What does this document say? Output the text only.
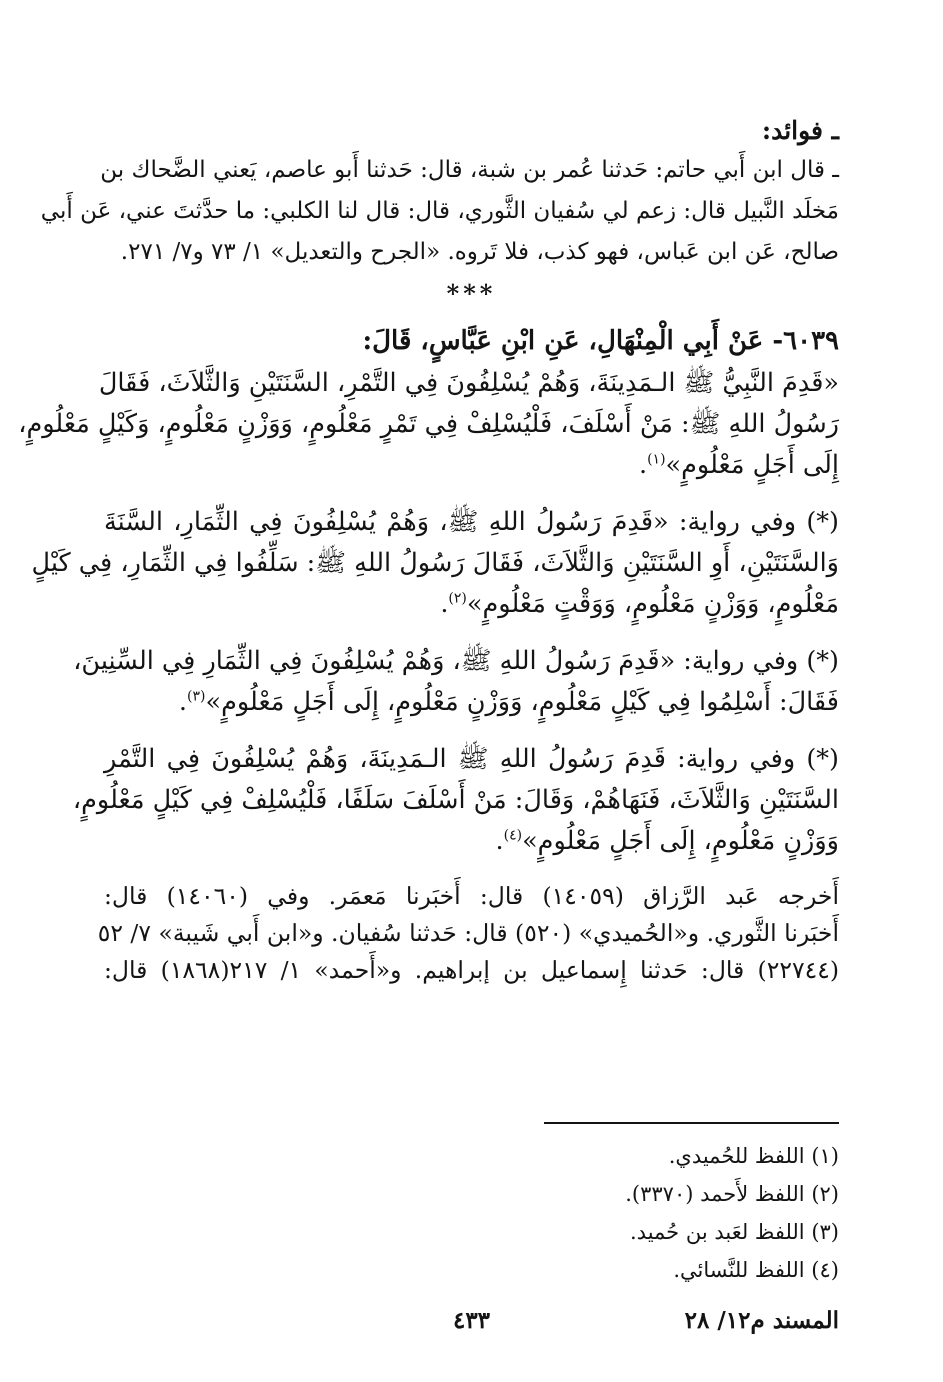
ـ فوائد:
ـ قال ابن أَبي حاتم: حَدثنا عُمر بن شبة، قال: حَدثنا أَبو عاصم، يَعني الضَّحاك بن
مَخلَد النَّبيل قال: زعم لي سُفيان الثَّوري، قال: قال لنا الكلبي: ما حدَّثتَ عني، عَن أَبي
صالح، عَن ابن عَباس، فهو كذب، فلا تَروه. «الجرح والتعديل» ١/ ٧٣ و٧/ ٢٧١.
***
٦٠٣٩- عَنْ أَبِي الْمِنْهَالِ، عَنِ ابْنِ عَبَّاسٍ، قَالَ:
«قَدِمَ النَّبِيُّ ﷺ الـمَدِينَةَ، وَهُمْ يُسْلِفُونَ فِي التَّمْرِ، السَّنَتَيْنِ وَالثَّلاَثَ، فَقَالَ
رَسُولُ اللهِ ﷺ: مَنْ أَسْلَفَ، فَلْيُسْلِفْ فِي تَمْرٍ مَعْلُومٍ، وَوَزْنٍ مَعْلُومٍ، وَكَيْلٍ مَعْلُومٍ،
إِلَى أَجَلٍ مَعْلُومٍ»$^{(١)}$.
(*) وفي رواية: «قَدِمَ رَسُولُ اللهِ ﷺ، وَهُمْ يُسْلِفُونَ فِي الثِّمَارِ، السَّنَةَ
وَالسَّنَتَيْنِ، أَوِ السَّنَتَيْنِ وَالثَّلاَثَ، فَقَالَ رَسُولُ اللهِ ﷺ: سَلِّفُوا فِي الثِّمَارِ، فِي كَيْلٍ
مَعْلُومٍ، وَوَزْنٍ مَعْلُومٍ، وَوَقْتٍ مَعْلُومٍ»$^{(٢)}$.
(*) وفي رواية: «قَدِمَ رَسُولُ اللهِ ﷺ، وَهُمْ يُسْلِفُونَ فِي الثِّمَارِ فِي السِّنِينَ،
فَقَالَ: أَسْلِمُوا فِي كَيْلٍ مَعْلُومٍ، وَوَزْنٍ مَعْلُومٍ، إِلَى أَجَلٍ مَعْلُومٍ»$^{(٣)}$.
(*) وفي رواية: قَدِمَ رَسُولُ اللهِ ﷺ الـمَدِينَةَ، وَهُمْ يُسْلِفُونَ فِي التَّمْرِ
السَّنَتَيْنِ وَالثَّلاَثَ، فَنَهَاهُمْ، وَقَالَ: مَنْ أَسْلَفَ سَلَفًا، فَلْيُسْلِفْ فِي كَيْلٍ مَعْلُومٍ،
وَوَزْنٍ مَعْلُومٍ، إِلَى أَجَلٍ مَعْلُومٍ»$^{(٤)}$.
أَخرجه عَبد الرَّزاق (١٤٠٥٩) قال: أَخبَرنا مَعمَر. وفي (١٤٠٦٠) قال:
أَخبَرنا الثَّوري. و«الحُميدي» (٥٢٠) قال: حَدثنا سُفيان. و«ابن أَبي شَيبة» ٧/ ٥٢
(٢٢٧٤٤) قال: حَدثنا إِسماعيل بن إبراهيم. و«أَحمد» ١/ ٢١٧(١٨٦٨) قال:
(١) اللفظ للحُميدي.
(٢) اللفظ لأَحمد (٣٣٧٠).
(٣) اللفظ لعَبد بن حُميد.
(٤) اللفظ للنَّسائي.
المسند م١٢/ ٢٨
٤٣٣
